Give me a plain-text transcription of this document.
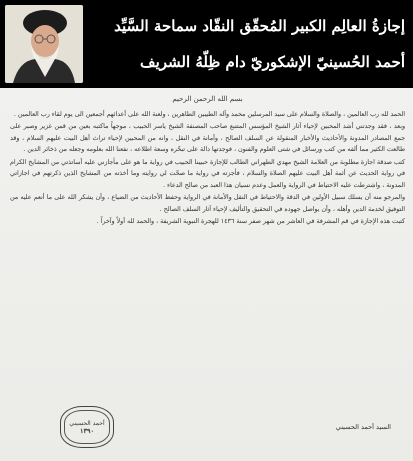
إجازةُ العالِم الكبير المُحقّق النقّاد سماحة السَّيِّد
أحمد الحُسينيّ الإشكوريّ دام ظِلّهُ الشريف
بسم الله الرحمن الرحيم

الحمد لله رب العالمين ، والصلاة والسلام على سيد المرسلين محمد وآله الطيبين الطاهرين ، ولعنة الله على أعدائهم أجمعين الى يوم لقاء رب العالمين .

وبعد ، فقد وجدتني أشد المحبين لإحياء آثار الشيخ المؤسس المتتبع صاحب المصنفة الشيخ ياسر الحبيب ، موجهاً ماكتبه بعين من قمن غزير وصبر على جمع المصادر المدونة والأحاديث والأخبار المنقولة عن السلف الصالح ، وأمانة في النقل ، وانه من المحبين لإحياء تراث أهل البيت عليهم السلام ، وقد طالعت الكثير مما ألفه من كتب ورسائل في شتى العلوم والفنون ، فوجدتها دالة على تبحّره وسعة اطلاعه ، نفعنا الله بعلومه وجعله من ذخائر الدين .

كتب صدقة اجازة مطلوبة من العلامة الشيخ مهدي الطهراني الطالب للإجازة حبيبنا الحبيب في رواية ما هو على مأجازني عليه أساتذتي من المشايخ الكرام في رواية الحديث عن أئمة أهل البيت عليهم الصلاة والسلام ، فأجزته في رواية ما صحّت لي روايته وما أخذته من المشايخ الذين ذكرتهم في اجازاتي المدونة ، واشترطت عليه الاحتياط في الرواية والعمل وعدم نسيان هذا العبد من صالح الدعاء .

والمرجو منه أن يسلك سبيل الأولين في الدقة والاحتياط في النقل والأمانة في الرواية وحفظ الأحاديث من الضياع ، وأن يشكر الله على ما أنعم عليه من التوفيق لخدمة الدين وأهله ، وأن يواصل جهوده في التحقيق والتأليف لإحياء آثار السلف الصالح .

كتبت هذه الإجازة في قم المشرفة في العاشر من شهر صفر سنة ١٤٣٦ للهجرة النبوية الشريفة ، والحمد لله أولاً وآخراً .

السيد أحمد الحسيني
أحمد الحسيني
١٣٩٠
